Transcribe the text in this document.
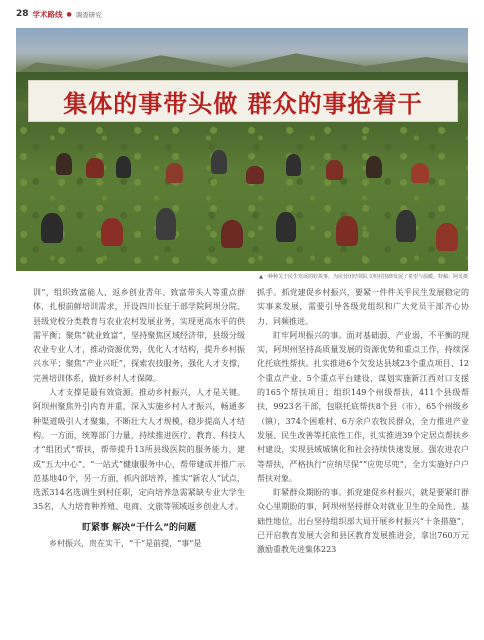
28 学术路线 ● 调查研究
集体的事带头做 群众的事抢着干
▲一种种关于民生发展的好故事，为民营团结领队文明村围绕发展了希望与温暖。特稿：阿贝摄

训”，组织致富能人、返乡创业青年、致富带头人等重点群体，扎根前鲜培训需求，开设四川长征干部学院阿坝分院、县级党校分类教育与农业农村发展业务，实现更高水平的供需平衡；聚焦“就业致富”，坚持聚焦区域经济带，县级分级农业专业人才，推动资源优势，优化人才结构，提升乡村振兴水平；聚焦“产业兴旺”，探索农技服务，强化人才支撑，完善培训体系，做好乡村人才保障。

人才支撑是最有效资源。推动乡村振兴，人才是关键。阿坝州聚焦外引内育并重，深入实施乡村人才振兴，畅通多种渠道吸引人才聚集，不断壮大人才规模，稳步提高人才结构。一方面，统筹部门力量，持续推进医疗、教育、科技人才“组团式”帮扶，帮带提升13所县级医院的服务能力，建成“五大中心”、“一站式”健康服务中心，帮带建成并推广示范基地40个，另一方面，抓内部培养，推实“新农人”试点，选派314名选调生到村任职，定向培养急需紧缺专业大学生35名，人力培育种养殖、电商、文旅等领域返乡创业人才。

盯紧事 解决“干什么”的问题

乡村振兴，贵在实干，“干”是前提，“事”是

抓手。抓党建促乡村振兴，要紧一件件关乎民生发展稳定的实事来发展，需要引导各级党组织和广大党员干部齐心协力、同频推进。

盯牢阿坝振兴的事。面对基础弱、产业弱、不平衡的现实，阿坝州坚持高质量发展的资源优势和重点工作，持续深化托底性帮扶。扎实推进6个欠发达县域23个重点项目、12个重点产业、5个重点平台建设，谋划实施新江西对口支援的165个帮扶项目；组织149个州级帮扶，411个县级帮扶，9923名干部，包联托底帮扶8个县（市）、65个州级乡（镇），374个困难村、6万余户农牧民群众，全力推进产业发展、民生改善等托底性工作，扎实推进39个定居点帮扶乡村建设，实现县域城镇化和社会持续快速发展。强农进农户等帮扶，严格执行“应纳尽保”“应兜尽兜”，全力实施好户户帮扶对象。

盯紧群众期盼的事。抓党建促乡村振兴，就是要紧盯群众心里期盼的事，阿坝州坚持群众对就业卫生的全局性、基础性地位，出台坚持组织部大局开展乡村振兴“十条措施”，已开启教育发展大会和县区教育发展推进会，拿出760万元激励重教先进集体223
